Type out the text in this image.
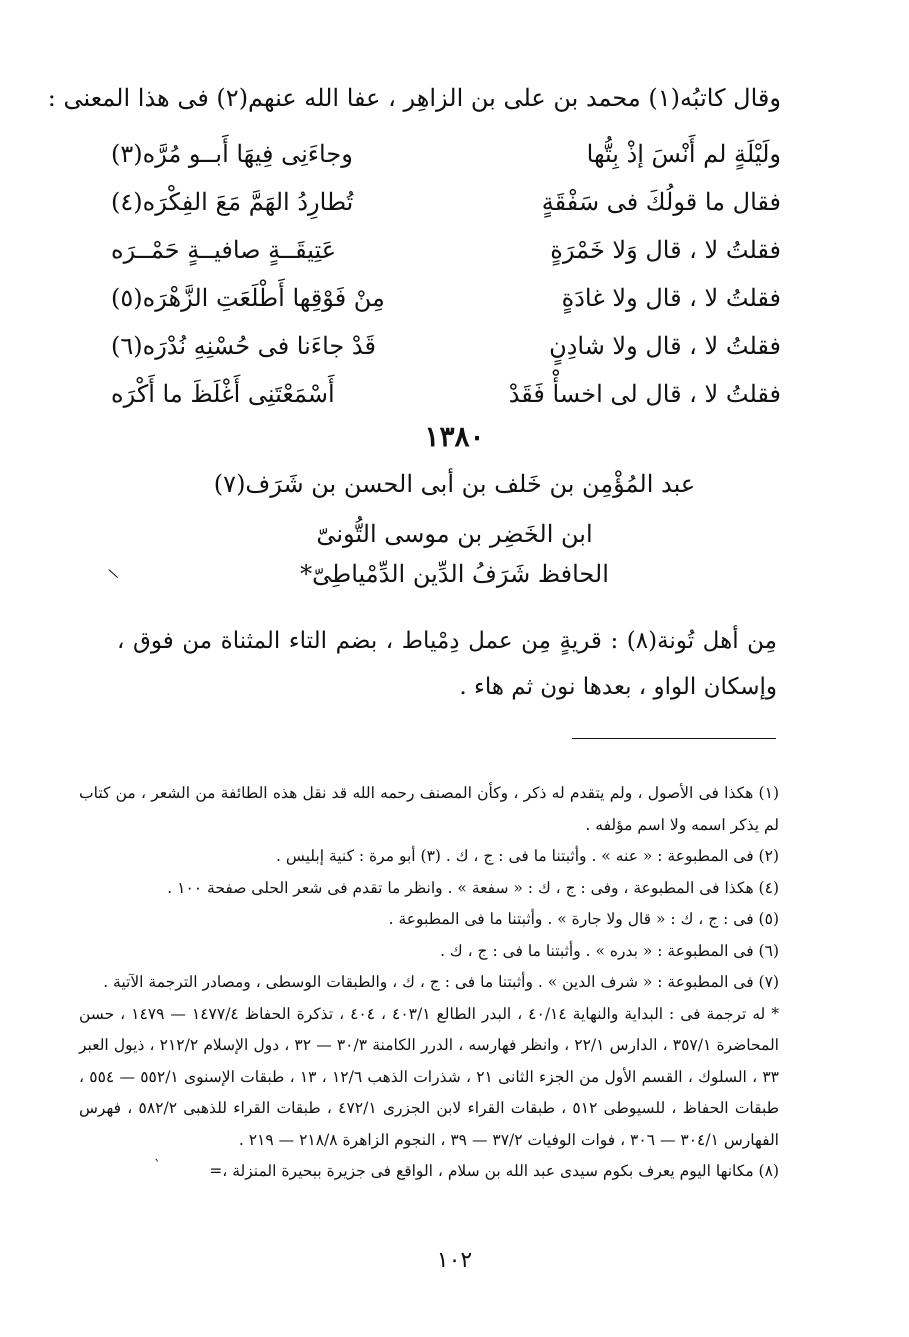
وقال كاتبُه(١) محمد بن على بن الزاهِر ، عفا الله عنهم(٢) فى هذا المعنى :
ولَيْلَةٍ لم أَنْسَ إذْ بِتُّها
وجاءَنِى فِيهَا أَبــو مُرَّه(٣)
فقال ما قولُكَ فى سَفْقَةٍ
تُطارِدُ الهَمَّ مَعَ الفِكْرَه(٤)
فقلتُ لا ، قال وَلا خَمْرَةٍ
عَتِيقَــةٍ صافيــةٍ حَمْــرَه
فقلتُ لا ، قال ولا غادَةٍ
مِنْ فَوْقِها أَطْلَعَتِ الزَّهْرَه(٥)
فقلتُ لا ، قال ولا شادِنٍ
قَدْ جاءَنا فى حُسْنِهِ نُدْرَه(٦)
فقلتُ لا ، قال لى اخسأْ فَقَدْ
أَسْمَعْتَنِى أَغْلَظَ ما أَكْرَه
١٣٨٠
عبد المُؤْمِن بن خَلف بن أبى الحسن بن شَرَف(٧)
ابن الخَضِر بن موسى التُّونىّ
الحافظ شَرَفُ الدِّين الدِّمْياطِىّ*
\
مِن أهل تُونة(٨) : قريةٍ مِن عمل دِمْياط ، بضم التاء المثناة من فوق ، وإسكان الواو ، بعدها نون ثم هاء .

(١) هكذا فى الأصول ، ولم يتقدم له ذكر ، وكأن المصنف رحمه الله قد نقل هذه الطائفة من الشعر ، من كتاب لم يذكر اسمه ولا اسم مؤلفه .

(٢) فى المطبوعة : « عنه » . وأثبتنا ما فى : ج ، ك . (٣) أبو مرة : كنية إبليس .

(٤) هكذا فى المطبوعة ، وفى : ج ، ك : « سفعة » . وانظر ما تقدم فى شعر الحلى صفحة ١٠٠ .

(٥) فى : ج ، ك : « قال ولا جارة » . وأثبتنا ما فى المطبوعة .

(٦) فى المطبوعة : « بدره » . وأثبتنا ما فى : ج ، ك .

(٧) فى المطبوعة : « شرف الدين » . وأثبتنا ما فى : ج ، ك ، والطبقات الوسطى ، ومصادر الترجمة الآتية .

* له ترجمة فى : البداية والنهاية ٤٠/١٤ ، البدر الطالع ٤٠٣/١ ، ٤٠٤ ، تذكرة الحفاظ ١٤٧٧/٤ — ١٤٧٩ ، حسن المحاضرة ٣٥٧/١ ، الدارس ٢٢/١ ، وانظر فهارسه ، الدرر الكامنة ٣٠/٣ — ٣٢ ، دول الإسلام ٢١٢/٢ ، ذيول العبر ٣٣ ، السلوك ، القسم الأول من الجزء الثانى ٢١ ، شذرات الذهب ١٢/٦ ، ١٣ ، طبقات الإسنوى ٥٥٢/١ — ٥٥٤ ، طبقات الحفاظ ، للسيوطى ٥١٢ ، طبقات القراء لابن الجزرى ٤٧٢/١ ، طبقات القراء للذهبى ٥٨٢/٢ ، فهرس الفهارس ٣٠٤/١ — ٣٠٦ ، فوات الوفيات ٣٧/٢ — ٣٩ ، النجوم الزاهرة ٢١٨/٨ — ٢١٩ .

(٨) مكانها اليوم يعرف بكوم سيدى عبد الله بن سلام ، الواقع فى جزيرة ببحيرة المنزلة ،=

ˋ
١٠٢
